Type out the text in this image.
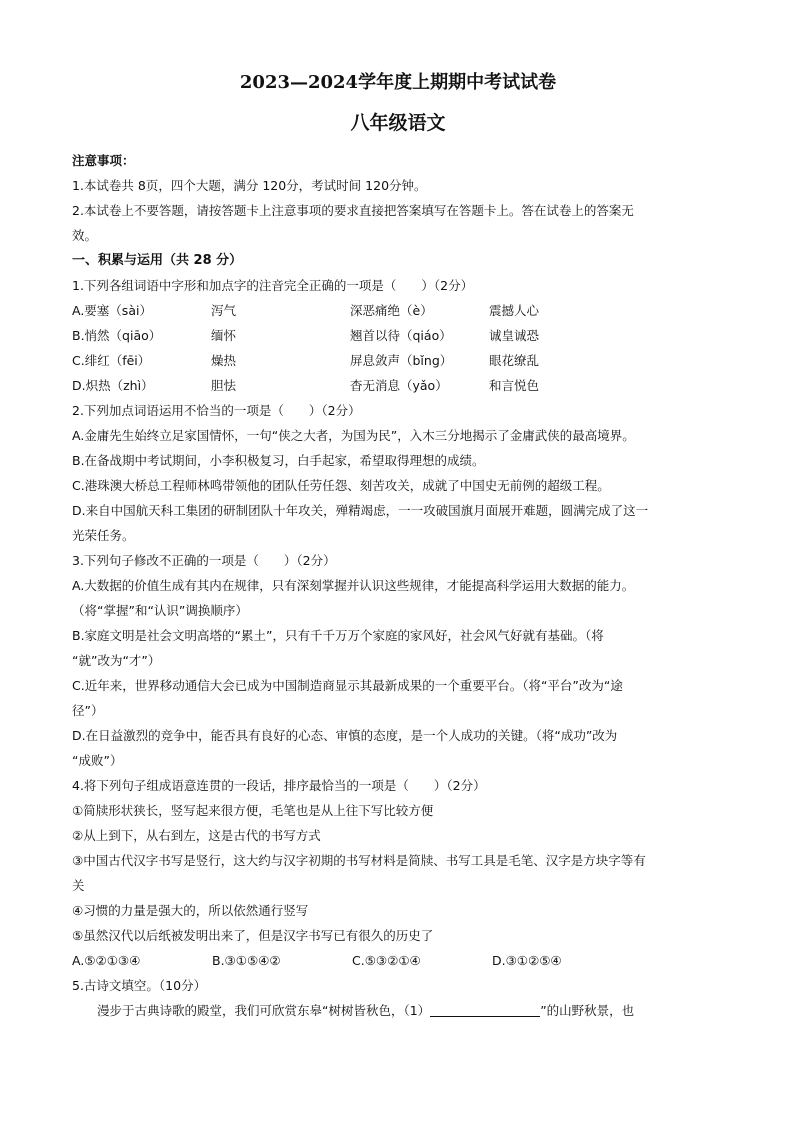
2023—2024学年度上期期中考试试卷
八年级语文
注意事项：
1.本试卷共 8页，四个大题，满分 120分，考试时间 120分钟。
2.本试卷上不要答题，请按答题卡上注意事项的要求直接把答案填写在答题卡上。答在试卷上的答案无
效。
一、积累与运用（共 28 分）
1.下列各组词语中字形和加点字的注音完全正确的一项是（　　）（2分）
A.要塞（sài）	泻气	深恶痛绝（è）	震撼人心
B.悄然（qiāo）	缅怀	翘首以待（qiáo）	诚皇诚恐
C.绯红（fēi）	燥热	屏息敛声（bǐng）	眼花缭乱
D.炽热（zhì）	胆怯	杳无消息（yǎo）	和言悦色
2.下列加点词语运用不恰当的一项是（　　）（2分）
A.金庸先生始终立足家国情怀，一句“侠之大者，为国为民”，入木三分地揭示了金庸武侠的最高境界。
B.在备战期中考试期间，小李积极复习，白手起家，希望取得理想的成绩。
C.港珠澳大桥总工程师林鸣带领他的团队任劳任怨、刻苦攻关，成就了中国史无前例的超级工程。
D.来自中国航天科工集团的研制团队十年攻关，殚精竭虑，一一攻破国旗月面展开难题，圆满完成了这一
光荣任务。
3.下列句子修改不正确的一项是（　　）（2分）
A.大数据的价值生成有其内在规律，只有深刻掌握并认识这些规律，才能提高科学运用大数据的能力。
（将“掌握”和“认识”调换顺序）
B.家庭文明是社会文明高塔的“累土”，只有千千万万个家庭的家风好，社会风气好就有基础。（将
“就”改为“才”）
C.近年来，世界移动通信大会已成为中国制造商显示其最新成果的一个重要平台。（将“平台”改为“途
径”）
D.在日益激烈的竞争中，能否具有良好的心态、审慎的态度，是一个人成功的关键。（将“成功”改为
“成败”）
4.将下列句子组成语意连贯的一段话，排序最恰当的一项是（　　）（2分）
①简牍形状狭长，竖写起来很方便，毛笔也是从上往下写比较方便
②从上到下，从右到左，这是古代的书写方式
③中国古代汉字书写是竖行，这大约与汉字初期的书写材料是简牍、书写工具是毛笔、汉字是方块字等有
关
④习惯的力量是强大的，所以依然通行竖写
⑤虽然汉代以后纸被发明出来了，但是汉字书写已有很久的历史了
A.⑤②①③④	B.③①⑤④②	C.⑤③②①④	D.③①②⑤④
5.古诗文填空。（10分）
漫步于古典诗歌的殿堂，我们可欣赏东皋“树树皆秋色，（1）	”的山野秋景，也
